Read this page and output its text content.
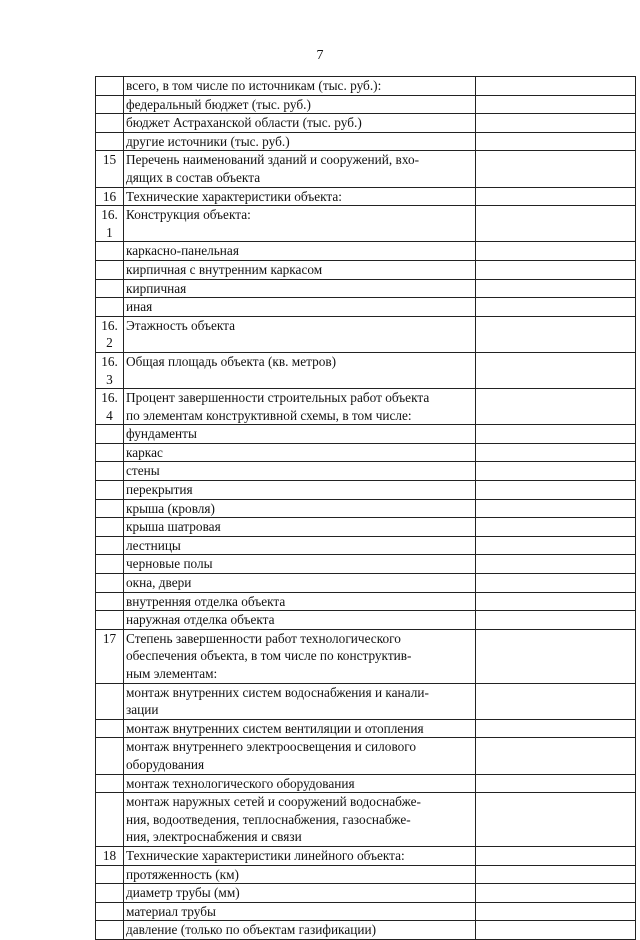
7

	всего, в том числе по источникам (тыс. руб.):	

	федеральный бюджет (тыс. руб.)	

	бюджет Астраханской области (тыс. руб.)	

	другие источники (тыс. руб.)	

15	Перечень наименований зданий и сооружений, вхо-
дящих в состав объекта	

16	Технические характеристики объекта:	

16.1	Конструкция объекта:	

	каркасно-панельная	

	кирпичная с внутренним каркасом	

	кирпичная	

	иная	

16.2	Этажность объекта	

16.3	Общая площадь объекта (кв. метров)	

16.4	Процент завершенности строительных работ объекта
по элементам конструктивной схемы, в том числе:	

	фундаменты	

	каркас	

	стены	

	перекрытия	

	крыша (кровля)	

	крыша шатровая	

	лестницы	

	черновые полы	

	окна, двери	

	внутренняя отделка объекта	

	наружная отделка объекта	

17	Степень завершенности работ технологического
обеспечения объекта, в том числе по конструктив-
ным элементам:	

	монтаж внутренних систем водоснабжения и канали-
зации	

	монтаж внутренних систем вентиляции и отопления	

	монтаж внутреннего электроосвещения и силового
оборудования	

	монтаж технологического оборудования	

	монтаж наружных сетей и сооружений водоснабже-
ния, водоотведения, теплоснабжения, газоснабже-
ния, электроснабжения и связи	

18	Технические характеристики линейного объекта:	

	протяженность (км)	

	диаметр трубы (мм)	

	материал трубы	

	давление (только по объектам газификации)	
